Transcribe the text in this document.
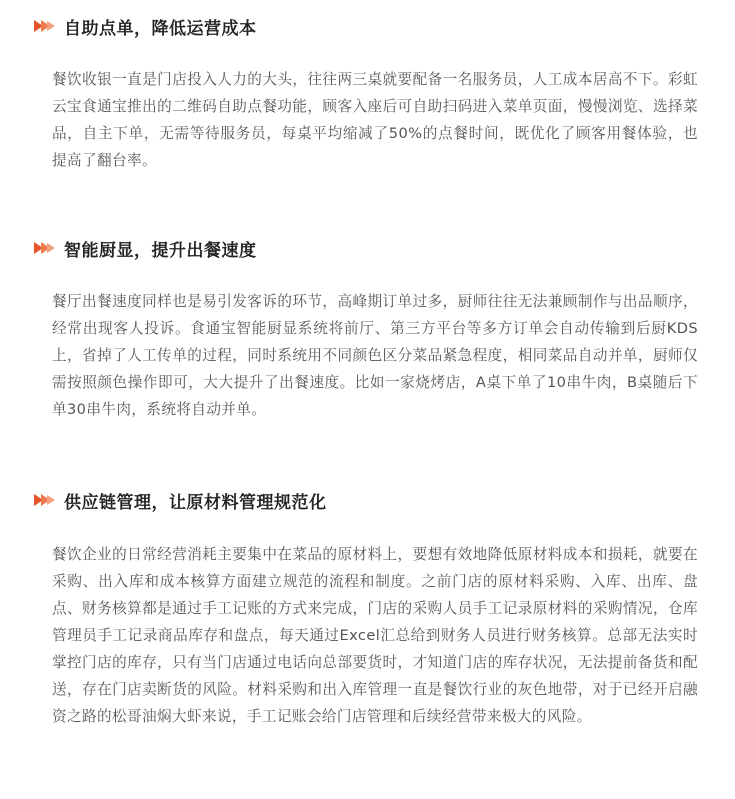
自助点单，降低运营成本

餐饮收银一直是门店投入人力的大头，往往两三桌就要配备一名服务员，人工成本居高不下。彩虹云宝食通宝推出的二维码自助点餐功能，顾客入座后可自助扫码进入菜单页面，慢慢浏览、选择菜品，自主下单，无需等待服务员，每桌平均缩减了50%的点餐时间，既优化了顾客用餐体验，也提高了翻台率。

智能厨显，提升出餐速度

餐厅出餐速度同样也是易引发客诉的环节，高峰期订单过多，厨师往往无法兼顾制作与出品顺序，经常出现客人投诉。食通宝智能厨显系统将前厅、第三方平台等多方订单会自动传输到后厨KDS上，省掉了人工传单的过程，同时系统用不同颜色区分菜品紧急程度，相同菜品自动并单，厨师仅需按照颜色操作即可，大大提升了出餐速度。比如一家烧烤店，A桌下单了10串牛肉，B桌随后下单30串牛肉，系统将自动并单。

供应链管理，让原材料管理规范化

餐饮企业的日常经营消耗主要集中在菜品的原材料上，要想有效地降低原材料成本和损耗，就要在采购、出入库和成本核算方面建立规范的流程和制度。之前门店的原材料采购、入库、出库、盘点、财务核算都是通过手工记账的方式来完成，门店的采购人员手工记录原材料的采购情况，仓库管理员手工记录商品库存和盘点，每天通过Excel汇总给到财务人员进行财务核算。总部无法实时掌控门店的库存，只有当门店通过电话向总部要货时，才知道门店的库存状况，无法提前备货和配送，存在门店卖断货的风险。材料采购和出入库管理一直是餐饮行业的灰色地带，对于已经开启融资之路的松哥油焖大虾来说，手工记账会给门店管理和后续经营带来极大的风险。
